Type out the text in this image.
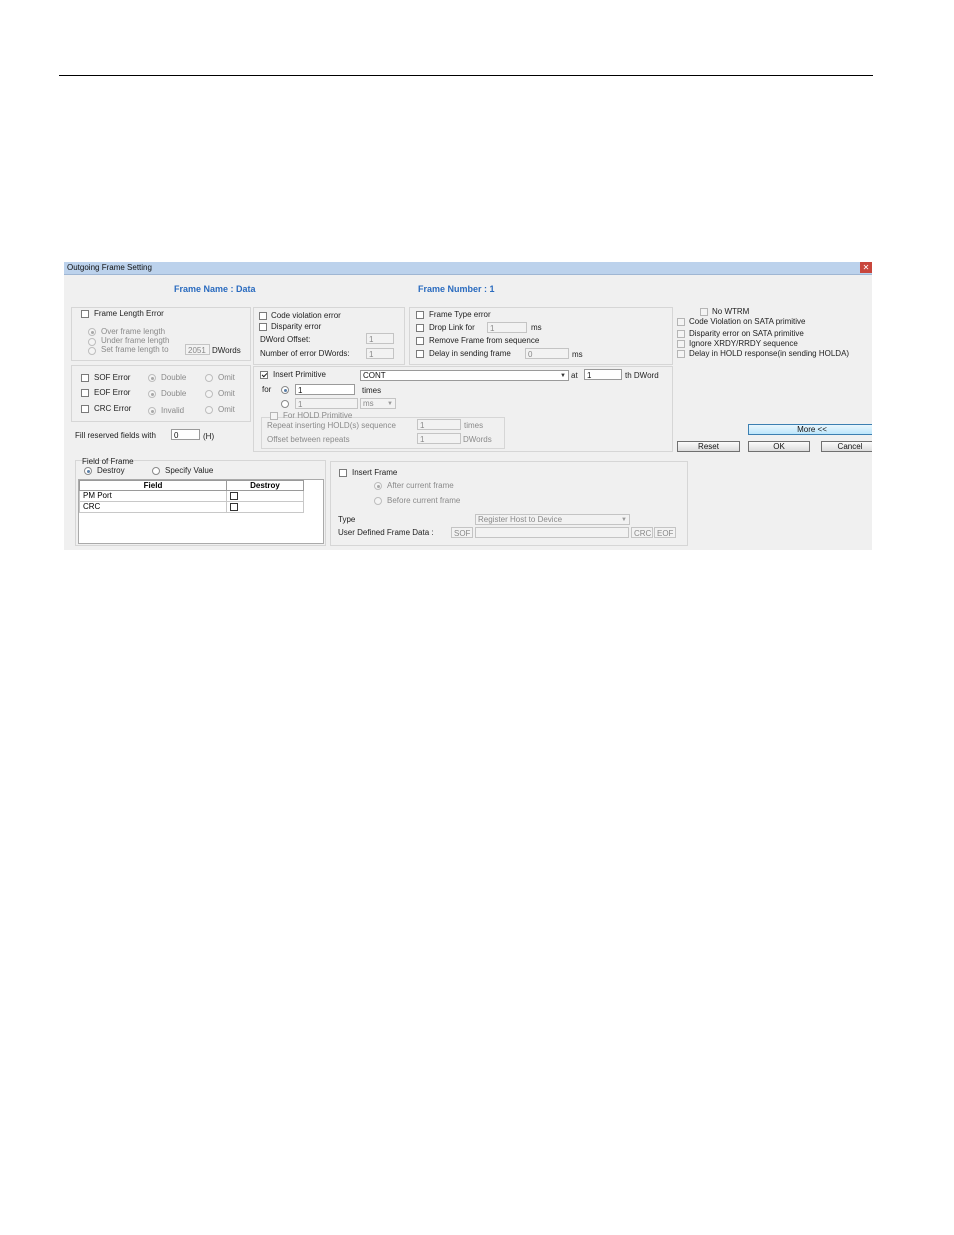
Outgoing Frame Setting	✕
Frame Name : Data	Frame Number : 1
Frame Length Error
Over frame length
Under frame length
Set frame length to	2051 DWords
SOF Error	Double	Omit
EOF Error	Double	Omit
CRC Error	Invalid	Omit
Fill reserved fields with	0	(H)
Code violation error
Disparity error
DWord Offset:	1
Number of error DWords:	1
Frame Type error
Drop Link for	1	ms
Remove Frame from sequence
Delay in sending frame	0	ms
Insert Primitive	CONT	▼ at	1	th DWord
for	1	times
1	ms ▼
For HOLD Primitive
Repeat inserting HOLD(s) sequence	1	times
Offset between repeats	1	DWords
No WTRM
Code Violation on SATA primitive
Disparity error on SATA primitive
Ignore XRDY/RRDY sequence
Delay in HOLD response(in sending HOLDA)
More <<
Reset	OK	Cancel
Field of Frame
Destroy	Specify Value
Field	Destroy
PM Port	
CRC	
Insert Frame
After current frame
Before current frame
Type	Register Host to Device	▼
User Defined Frame Data :	SOF	CRC EOF
